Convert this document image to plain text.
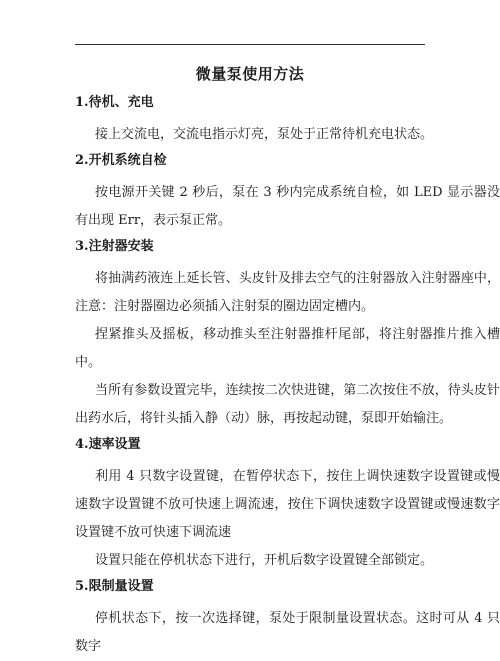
微量泵使用方法
1.待机、充电

接上交流电，交流电指示灯亮，泵处于正常待机充电状态。

2.开机系统自检

按电源开关键 2 秒后，泵在 3 秒内完成系统自检，如 LED 显示器没有出现 Err，表示泵正常。

3.注射器安装

将抽满药液连上延长管、头皮针及排去空气的注射器放入注射器座中，注意：注射器圈边必须插入注射泵的圈边固定槽内。

捏紧推头及摇板，移动推头至注射器推杆尾部，将注射器推片推入槽中。

当所有参数设置完毕，连续按二次快进键，第二次按住不放，待头皮针出药水后，将针头插入静（动）脉，再按起动键，泵即开始输注。

4.速率设置

利用 4 只数字设置键，在暂停状态下，按住上调快速数字设置键或慢速数字设置键不放可快速上调流速，按住下调快速数字设置键或慢速数字设置键不放可快速下调流速

设置只能在停机状态下进行，开机后数字设置键全部锁定。

5.限制量设置

停机状态下，按一次选择键，泵处于限制量设置状态。这时可从 4 只数字
